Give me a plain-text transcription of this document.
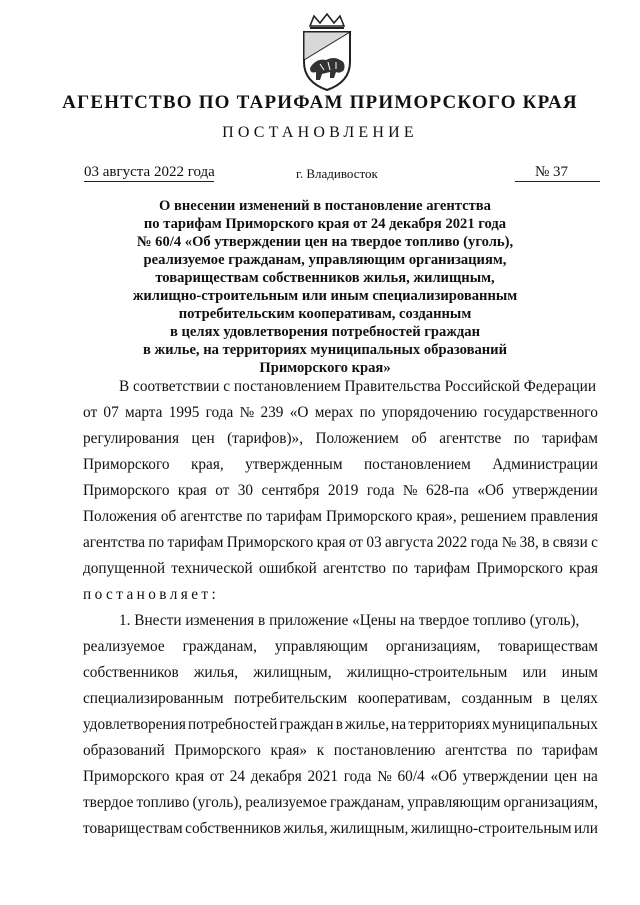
АГЕНТСТВО ПО ТАРИФАМ ПРИМОРСКОГО КРАЯ
ПОСТАНОВЛЕНИЕ
03 августа 2022 года	г. Владивосток	№ 37
О внесении изменений в постановление агентства
по тарифам Приморского края от 24 декабря 2021 года
№ 60/4 «Об утверждении цен на твердое топливо (уголь),
реализуемое гражданам, управляющим организациям,
товариществам собственников жилья, жилищным,
жилищно-строительным или иным специализированным
потребительским кооперативам, созданным
в целях удовлетворения потребностей граждан
в жилье, на территориях муниципальных образований
Приморского края»
В соответствии с постановлением Правительства Российской Федерации
от 07 марта 1995 года № 239 «О мерах по упорядочению государственного
регулирования цен (тарифов)», Положением об агентстве по тарифам
Приморского края, утвержденным постановлением Администрации
Приморского края от 30 сентября 2019 года № 628-па «Об утверждении
Положения об агентстве по тарифам Приморского края», решением правления
агентства по тарифам Приморского края от 03 августа 2022 года № 38, в связи с
допущенной технической ошибкой агентство по тарифам Приморского края
постановляет:
1. Внести изменения в приложение «Цены на твердое топливо (уголь),
реализуемое гражданам, управляющим организациям, товариществам
собственников жилья, жилищным, жилищно-строительным или иным
специализированным потребительским кооперативам, созданным в целях
удовлетворения потребностей граждан в жилье, на территориях муниципальных
образований Приморского края» к постановлению агентства по тарифам
Приморского края от 24 декабря 2021 года № 60/4 «Об утверждении цен на
твердое топливо (уголь), реализуемое гражданам, управляющим организациям,
товариществам собственников жилья, жилищным, жилищно-строительным или
